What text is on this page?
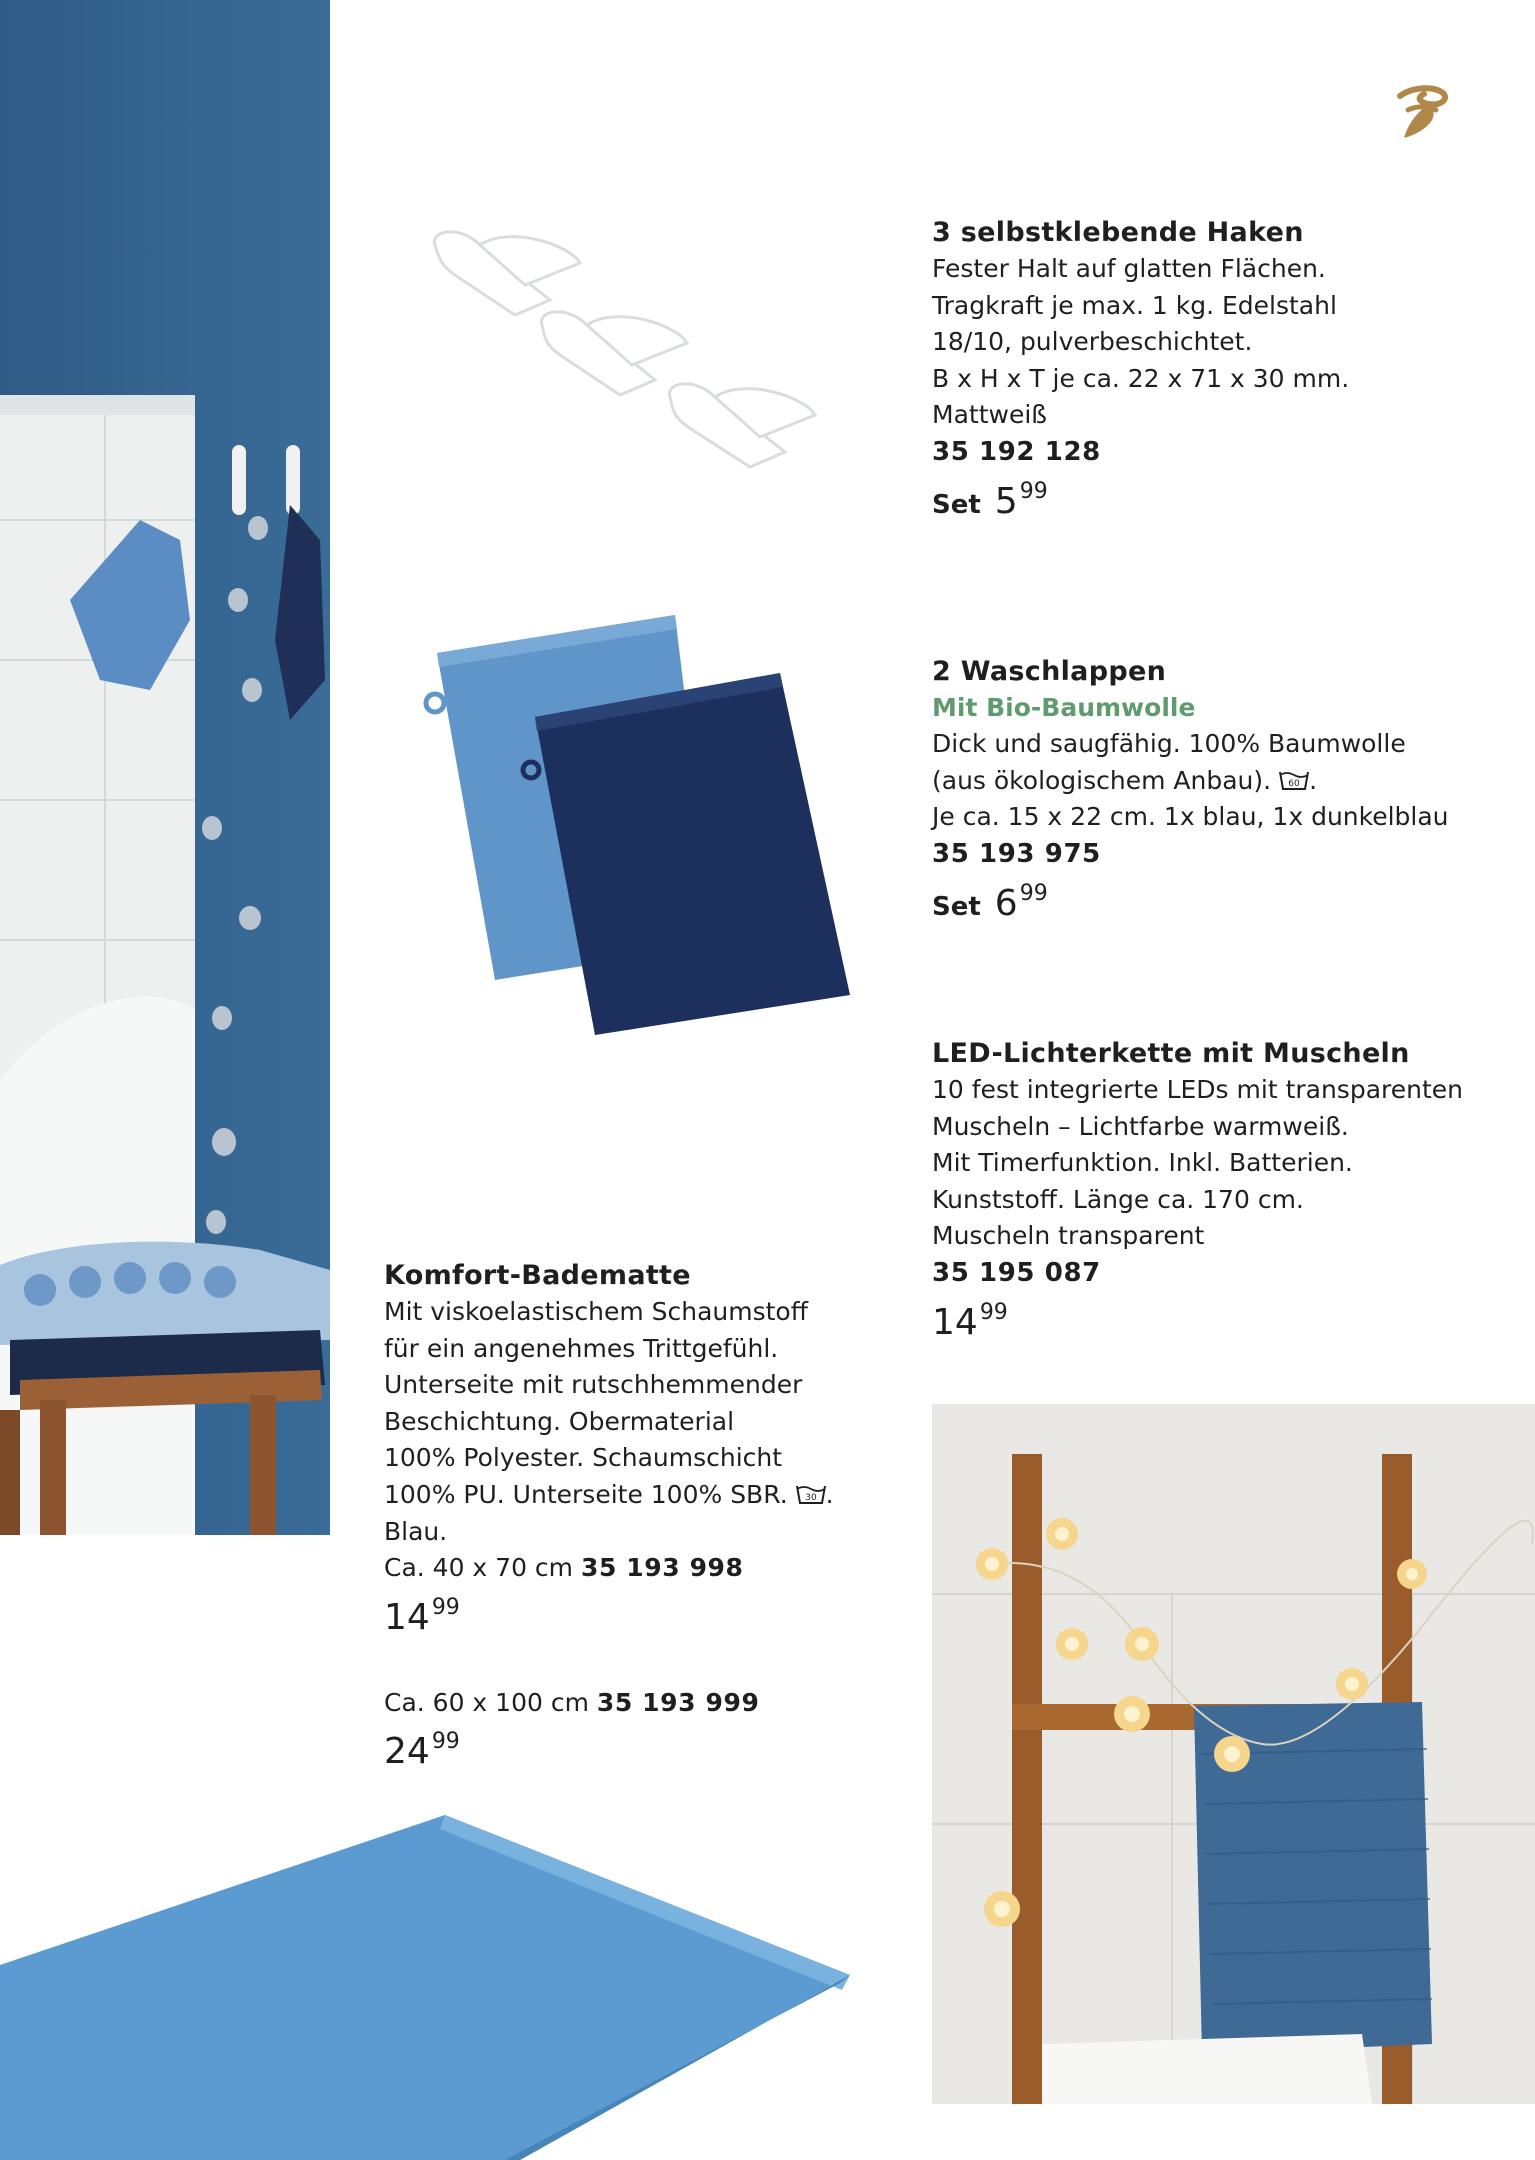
3 selbstklebende Haken
Fester Halt auf glatten Flächen.
Tragkraft je max. 1 kg. Edelstahl
18/10, pulverbeschichtet.
B x H x T je ca. 22 x 71 x 30 mm.
Mattweiß
35 192 128
Set 599
2 Waschlappen
Mit Bio-Baumwolle
Dick und saugfähig. 100% Baumwolle
(aus ökologischem Anbau). 60 .
Je ca. 15 x 22 cm. 1x blau, 1x dunkelblau
35 193 975
Set 699
LED-Lichterkette mit Muscheln
10 fest integrierte LEDs mit transparenten
Muscheln – Lichtfarbe warmweiß.
Mit Timerfunktion. Inkl. Batterien.
Kunststoff. Länge ca. 170 cm.
Muscheln transparent
35 195 087
1499
Komfort-Badematte
Mit viskoelastischem Schaumstoff
für ein angenehmes Trittgefühl.
Unterseite mit rutschhemmender
Beschichtung. Obermaterial
100% Polyester. Schaumschicht
100% PU. Unterseite 100% SBR. 30 .
Blau.
Ca. 40 x 70 cm 35 193 998
1499
Ca. 60 x 100 cm 35 193 999
2499
